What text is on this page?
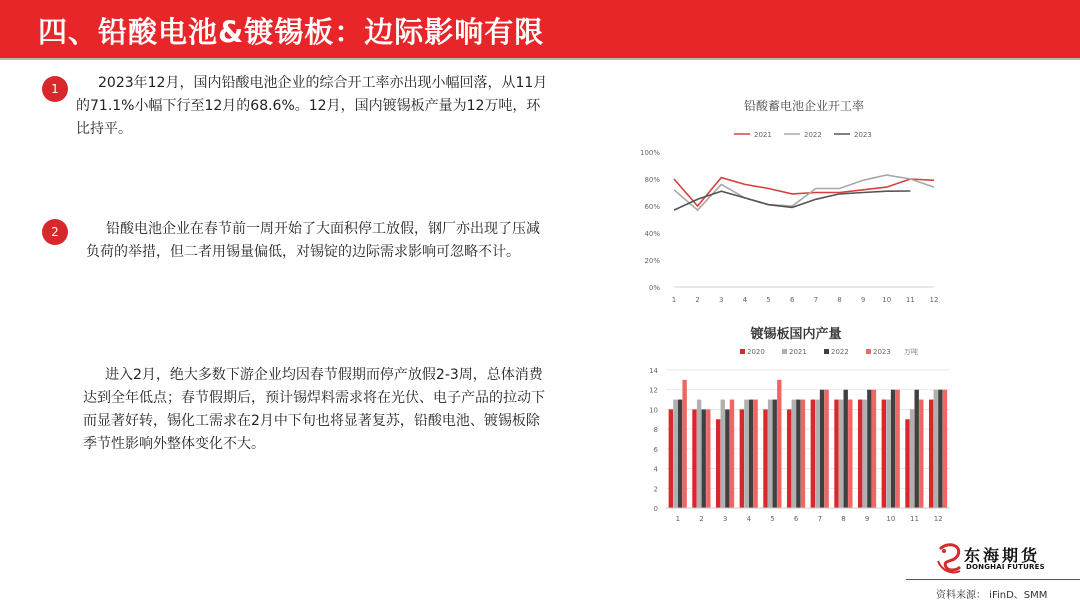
四、铅酸电池&镀锡板：边际影响有限
1	2023年12月，国内铅酸电池企业的综合开工率亦出现小幅回落，从11月的71.1%小幅下行至12月的68.6%。12月，国内镀锡板产量为12万吨，环比持平。
2	铅酸电池企业在春节前一周开始了大面积停工放假，钢厂亦出现了压减负荷的举措，但二者用锡量偏低，对锡锭的边际需求影响可忽略不计。
进入2月，绝大多数下游企业均因春节假期而停产放假2-3周，总体消费达到全年低点；春节假期后，预计锡焊料需求将在光伏、电子产品的拉动下而显著好转，锡化工需求在2月中下旬也将显著复苏，铅酸电池、镀锡板除季节性影响外整体变化不大。
铅酸蓄电池企业开工率
2021	2022	2023
0%
20%
40%
60%
80%
100%
1	2	3	4	5	6	7	8	9 10 11 12
镀锡板国内产量
2020	2021	2022	2023 万吨
0
2
4
6
8
10
12
14
1	2	3	4	5	6	7	8	9 10 11 12
东海期货
DONGHAI FUTURES
资料来源： iFinD、SMM
